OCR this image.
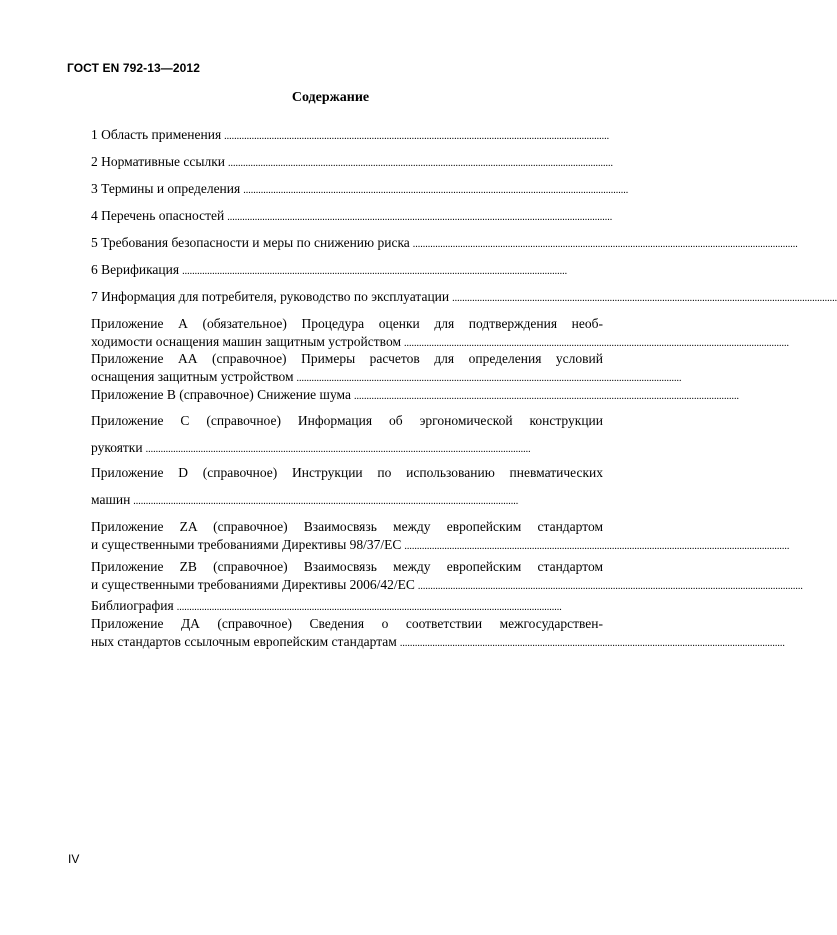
ГОСТ EN 792-13—2012
Содержание
1 Область применения ..........................................................................................................................................................
2 Нормативные ссылки ..........................................................................................................................................................
3 Термины и определения ..........................................................................................................................................................
4 Перечень опасностей ..........................................................................................................................................................
5 Требования безопасности и меры по снижению риска ..........................................................................................................................................................
6 Верификация ..........................................................................................................................................................
7 Информация для потребителя, руководство по эксплуатации ..........................................................................................................................................................
Приложение А (обязательное) Процедура оценки для подтверждения необ-
ходимости оснащения машин защитным устройством ..........................................................................................................................................................
Приложение АА (справочное) Примеры расчетов для определения условий
оснащения защитным устройством ..........................................................................................................................................................
Приложение В (справочное) Снижение шума ..........................................................................................................................................................
Приложение С (справочное) Информация об эргономической конструкции
рукоятки ..........................................................................................................................................................
Приложение D (справочное) Инструкции по использованию пневматических
машин ..........................................................................................................................................................
Приложение ZA (справочное) Взаимосвязь между европейским стандартом
и существенными требованиями Директивы 98/37/EC ..........................................................................................................................................................
Приложение ZB (справочное) Взаимосвязь между европейским стандартом
и существенными требованиями Директивы 2006/42/EC ..........................................................................................................................................................
Библиография ..........................................................................................................................................................
Приложение ДА (справочное) Сведения о соответствии межгосударствен-
ных стандартов ссылочным европейским стандартам ..........................................................................................................................................................
IV
